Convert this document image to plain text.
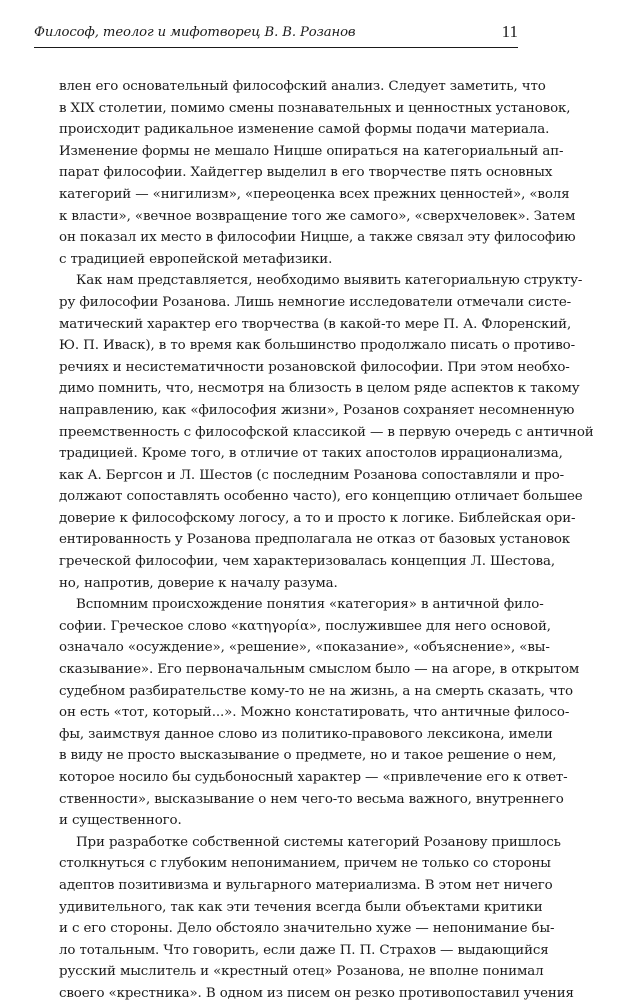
Философ, теолог и мифотворец В. В. Розанов	11
влен его основательный философский анализ. Следует заметить, что
в XIX столетии, помимо смены познавательных и ценностных установок,
происходит радикальное изменение самой формы подачи материала.
Изменение формы не мешало Ницше опираться на категориальный ап-
парат философии. Хайдеггер выделил в его творчестве пять основных
категорий — «нигилизм», «переоценка всех прежних ценностей», «воля
к власти», «вечное возвращение того же самого», «сверхчеловек». Затем
он показал их место в философии Ницше, а также связал эту философию
с традицией европейской метафизики.
Как нам представляется, необходимо выявить категориальную структу-
ру философии Розанова. Лишь немногие исследователи отмечали систе-
матический характер его творчества (в какой-то мере П. А. Флоренский,
Ю. П. Иваск), в то время как большинство продолжало писать о противо-
речиях и несистематичности розановской философии. При этом необхо-
димо помнить, что, несмотря на близость в целом ряде аспектов к такому
направлению, как «философия жизни», Розанов сохраняет несомненную
преемственность с философской классикой — в первую очередь с античной
традицией. Кроме того, в отличие от таких апостолов иррационализма,
как А. Бергсон и Л. Шестов (с последним Розанова сопоставляли и про-
должают сопоставлять особенно часто), его концепцию отличает большее
доверие к философскому логосу, а то и просто к логике. Библейская ори-
ентированность у Розанова предполагала не отказ от базовых установок
греческой философии, чем характеризовалась концепция Л. Шестова,
но, напротив, доверие к началу разума.
Вспомним происхождение понятия «категория» в античной фило-
софии. Греческое слово «κατηγορία», послужившее для него основой,
означало «осуждение», «решение», «показание», «объяснение», «вы-
сказывание». Его первоначальным смыслом было — на агоре, в открытом
судебном разбирательстве кому-то не на жизнь, а на смерть сказать, что
он есть «тот, который...». Можно констатировать, что античные филосо-
фы, заимствуя данное слово из политико-правового лексикона, имели
в виду не просто высказывание о предмете, но и такое решение о нем,
которое носило бы судьбоносный характер — «привлечение его к ответ-
ственности», высказывание о нем чего-то весьма важного, внутреннего
и существенного.
При разработке собственной системы категорий Розанову пришлось
столкнуться с глубоким непониманием, причем не только со стороны
адептов позитивизма и вульгарного материализма. В этом нет ничего
удивительного, так как эти течения всегда были объектами критики
и с его стороны. Дело обстояло значительно хуже — непонимание бы-
ло тотальным. Что говорить, если даже П. П. Страхов — выдающийся
русский мыслитель и «крестный отец» Розанова, не вполне понимал
своего «крестника». В одном из писем он резко противопоставил учения
